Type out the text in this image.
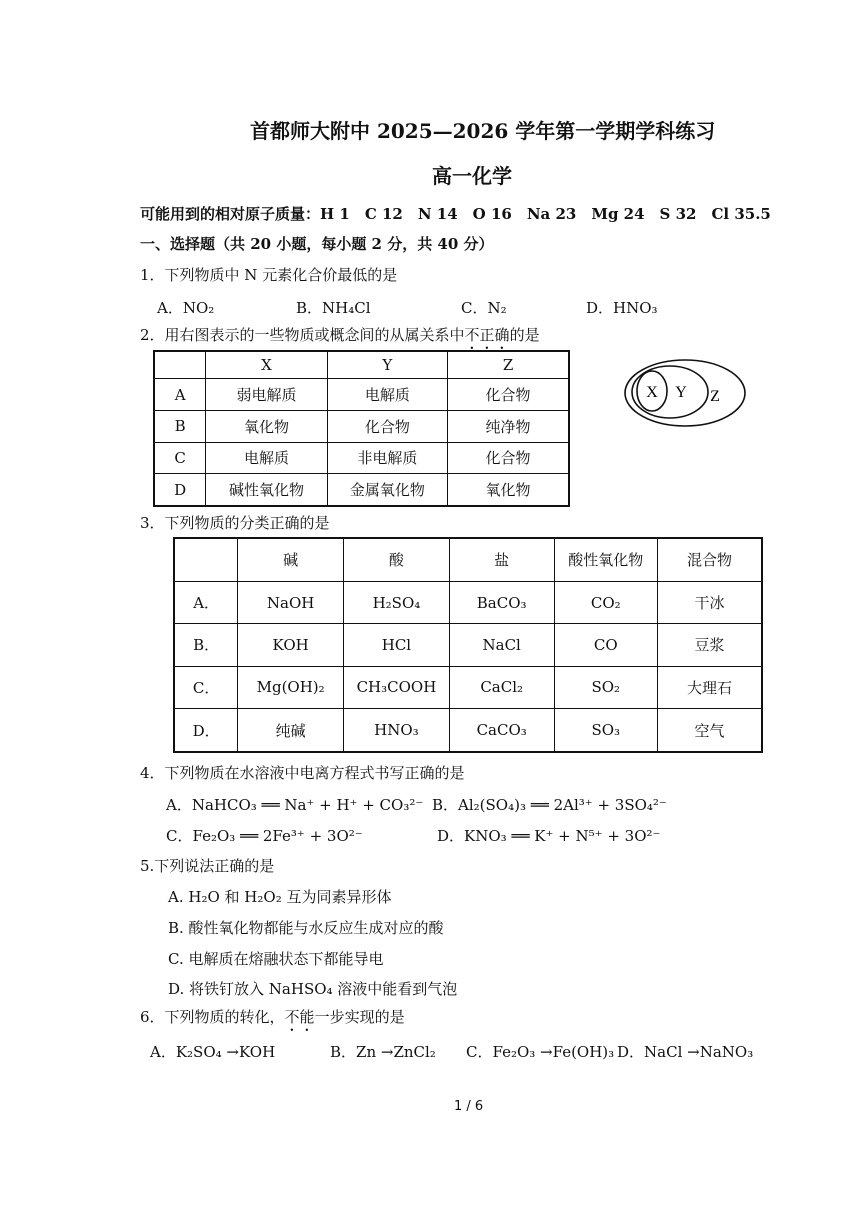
首都师大附中 2025—2026 学年第一学期学科练习
高一化学
可能用到的相对原子质量：H 1　C 12　N 14　O 16　Na 23　Mg 24　S 32　Cl 35.5
一、选择题（共 20 小题，每小题 2 分，共 40 分）
1．下列物质中 N 元素化合价最低的是
A．NO₂	B．NH₄Cl	C．N₂	D．HNO₃
2．用右图表示的一些物质或概念间的从属关系中不正确的是
	X	Y	Z
A	弱电解质	电解质	化合物
B	氧化物	化合物	纯净物
C	电解质	非电解质	化合物
D	碱性氧化物	金属氧化物	氧化物
X Y Z
3．下列物质的分类正确的是
	碱	酸	盐	酸性氧化物	混合物
A．	NaOH	H₂SO₄	BaCO₃	CO₂	干冰
B．	KOH	HCl	NaCl	CO	豆浆
C．	Mg(OH)₂	CH₃COOH	CaCl₂	SO₂	大理石
D．	纯碱	HNO₃	CaCO₃	SO₃	空气
4．下列物质在水溶液中电离方程式书写正确的是
A．NaHCO₃ ══ Na⁺ + H⁺ + CO₃²⁻ B．Al₂(SO₄)₃ ══ 2Al³⁺ + 3SO₄²⁻
C．Fe₂O₃ ══ 2Fe³⁺ + 3O²⁻	D．KNO₃ ══ K⁺ + N⁵⁺ + 3O²⁻
5.下列说法正确的是
A. H₂O 和 H₂O₂ 互为同素异形体
B. 酸性氧化物都能与水反应生成对应的酸
C. 电解质在熔融状态下都能导电
D. 将铁钉放入 NaHSO₄ 溶液中能看到气泡
6．下列物质的转化，不能一步实现的是
A．K₂SO₄ →KOH	B．Zn →ZnCl₂ C．Fe₂O₃ →Fe(OH)₃ D．NaCl →NaNO₃
1 / 6
